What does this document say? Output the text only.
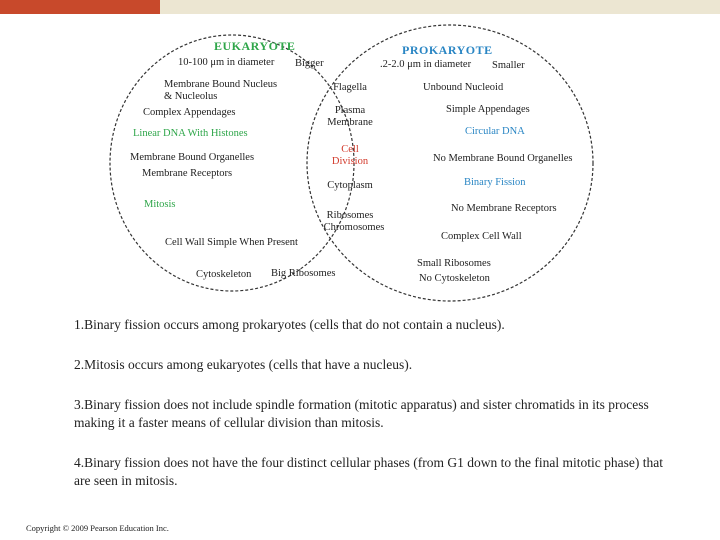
EUKARYOTE
10-100 μm in diameter Bigger
Membrane Bound Nucleus
& Nucleolus
Complex Appendages
Linear DNA With Histones
Membrane Bound Organelles
Membrane Receptors
Mitosis
Cell Wall Simple When Present
Cytoskeleton Big Ribosomes
Flagella
Plasma
Membrane
Cell
Division
Cytoplasm
Ribosomes
Chromosomes
PROKARYOTE
.2-2.0 μm in diameter Smaller
Unbound Nucleoid
Simple Appendages
Circular DNA
No Membrane Bound Organelles
Binary Fission
No Membrane Receptors
Complex Cell Wall
Small Ribosomes
No Cytoskeleton

1.Binary fission occurs among prokaryotes (cells that do not contain a nucleus).

2.Mitosis occurs among eukaryotes (cells that have a nucleus).

3.Binary fission does not include spindle formation (mitotic apparatus) and sister chromatids in its process making it a faster means of cellular division than mitosis.

4.Binary fission does not have the four distinct cellular phases (from G1 down to the final mitotic phase) that are seen in mitosis.

Copyright © 2009 Pearson Education Inc.
